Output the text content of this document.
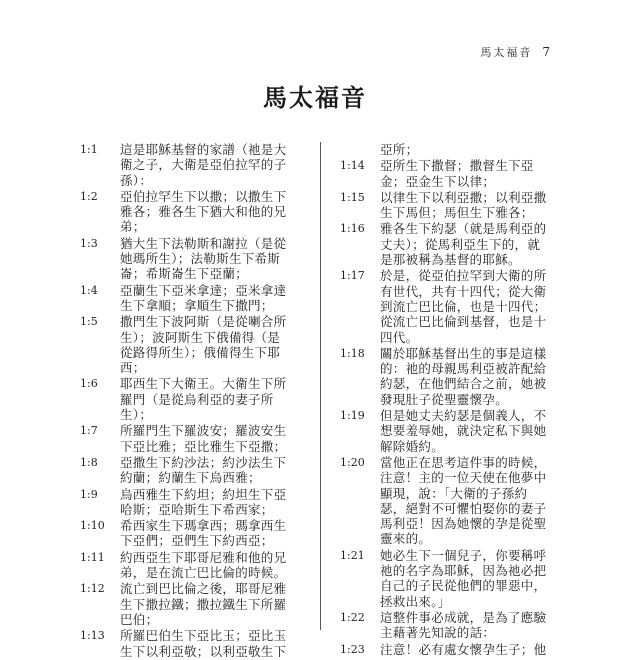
馬太福音 7
馬太福音
1:1	這是耶穌基督的家譜（祂是大衛之子，大衛是亞伯拉罕的子孫）：
1:2	亞伯拉罕生下以撒；以撒生下雅各；雅各生下猶大和他的兄弟；
1:3	猶大生下法勒斯和謝拉（是從她瑪所生）；法勒斯生下希斯崙；希斯崙生下亞蘭；
1:4	亞蘭生下亞米拿達；亞米拿達生下拿順；拿順生下撒門；
1:5	撒門生下波阿斯（是從喇合所生）；波阿斯生下俄備得（是從路得所生）；俄備得生下耶西；
1:6	耶西生下大衛王。大衛生下所羅門（是從烏利亞的妻子所生）；
1:7	所羅門生下羅波安；羅波安生下亞比雅；亞比雅生下亞撒；
1:8	亞撒生下約沙法；約沙法生下約蘭；約蘭生下烏西雅；
1:9	烏西雅生下約坦；約坦生下亞哈斯；亞哈斯生下希西家；
1:10	希西家生下瑪拿西；瑪拿西生下亞們；亞們生下約西亞；
1:11	約西亞生下耶哥尼雅和他的兄弟，是在流亡巴比倫的時候。
1:12	流亡到巴比倫之後，耶哥尼雅生下撒拉鐵；撒拉鐵生下所羅巴伯；
1:13	所羅巴伯生下亞比玉；亞比玉生下以利亞敬；以利亞敬生下
亞所；
1:14	亞所生下撒督；撒督生下亞金；亞金生下以律；
1:15	以律生下以利亞撒；以利亞撒生下馬但；馬但生下雅各；
1:16	雅各生下約瑟（就是馬利亞的丈夫）；從馬利亞生下的，就是那被稱為基督的耶穌。
1:17	於是，從亞伯拉罕到大衛的所有世代，共有十四代；從大衛到流亡巴比倫，也是十四代；從流亡巴比倫到基督，也是十四代。
1:18	關於耶穌基督出生的事是這樣的：祂的母親馬利亞被許配給約瑟，在他們結合之前，她被發現肚子從聖靈懷孕。
1:19	但是她丈夫約瑟是個義人，不想要羞辱她，就決定私下與她解除婚約。
1:20	當他正在思考這件事的時候，注意！主的一位天使在他夢中顯現，說：「大衛的子孫約瑟，絕對不可懼怕娶你的妻子馬利亞！因為她懷的孕是從聖靈來的。
1:21	她必生下一個兒子，你要稱呼祂的名字為耶穌，因為祂必把自己的子民從他們的罪惡中，拯救出來。」
1:22	這整件事必成就，是為了應驗主藉著先知說的話：
1:23	注意！必有處女懷孕生子；他
